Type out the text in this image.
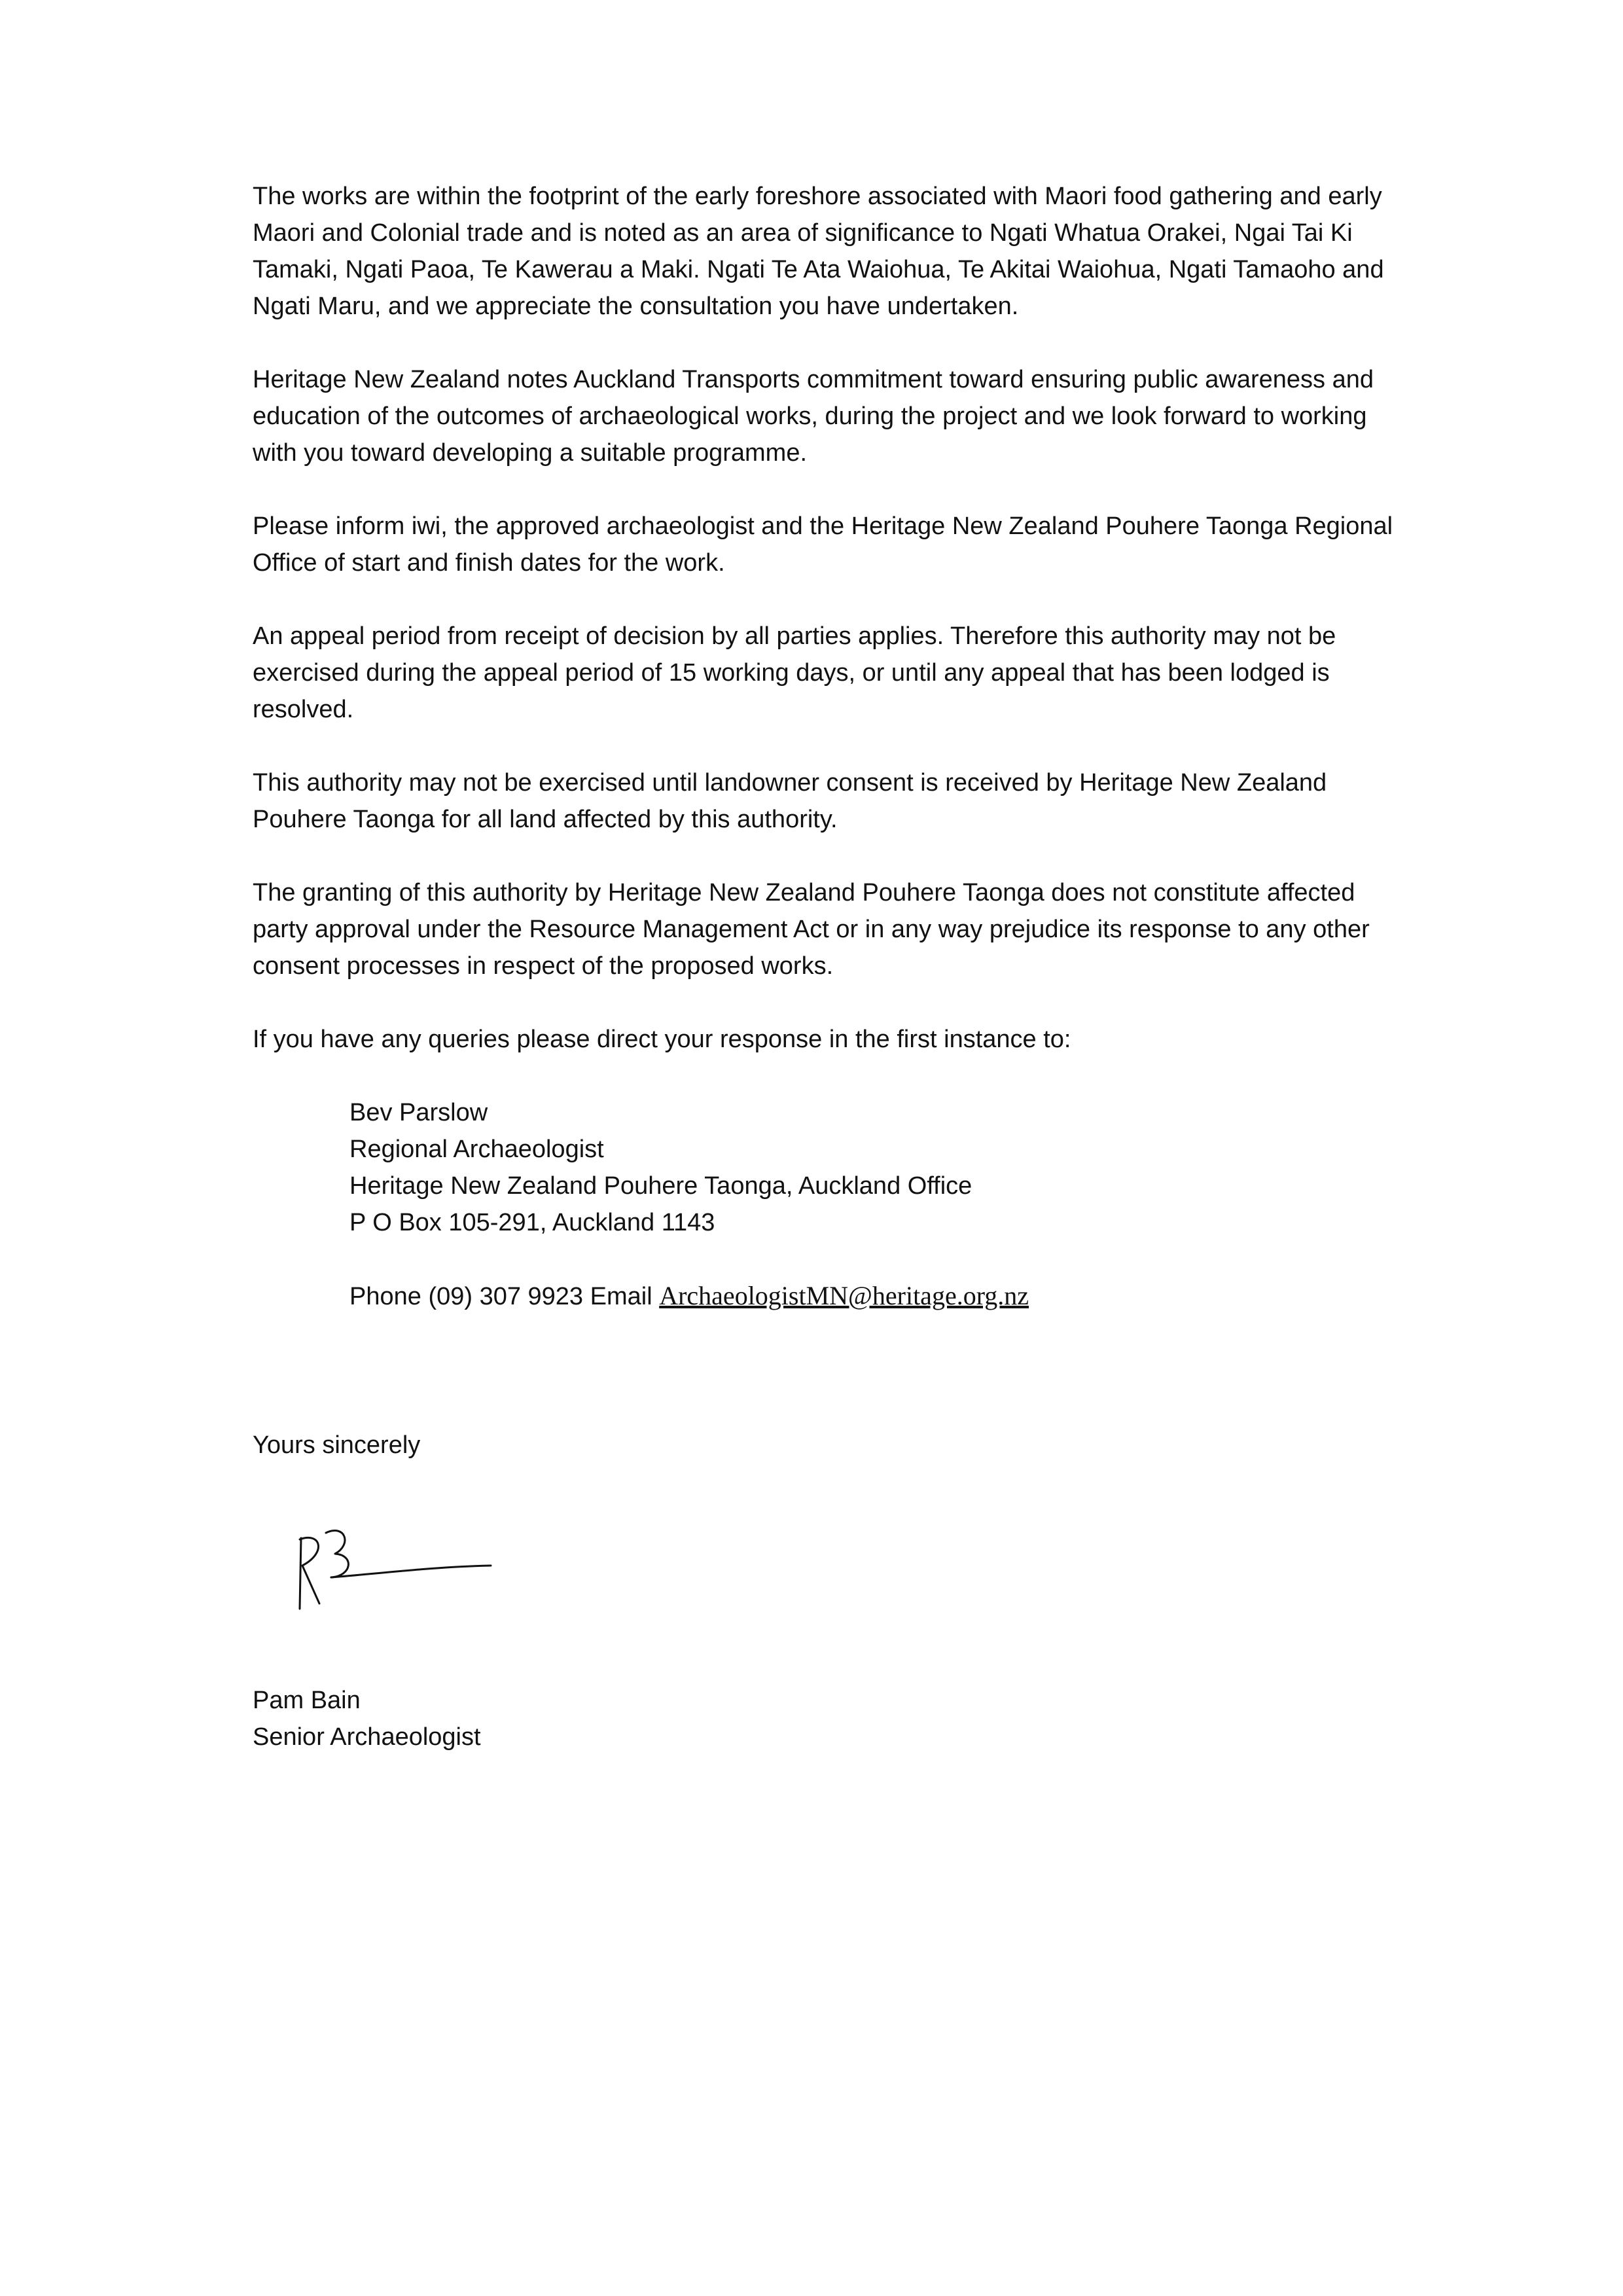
The works are within the footprint of the early foreshore associated with Maori food gathering and early Maori and Colonial trade and is noted as an area of significance to Ngati Whatua Orakei, Ngai Tai Ki Tamaki, Ngati Paoa, Te Kawerau a Maki. Ngati Te Ata Waiohua, Te Akitai Waiohua, Ngati Tamaoho and Ngati Maru, and we appreciate the consultation you have undertaken.

Heritage New Zealand notes Auckland Transports commitment toward ensuring public awareness and education of the outcomes of archaeological works, during the project and we look forward to working with you toward developing a suitable programme.

Please inform iwi, the approved archaeologist and the Heritage New Zealand Pouhere Taonga Regional Office of start and finish dates for the work.

An appeal period from receipt of decision by all parties applies. Therefore this authority may not be exercised during the appeal period of 15 working days, or until any appeal that has been lodged is resolved.

This authority may not be exercised until landowner consent is received by Heritage New Zealand Pouhere Taonga for all land affected by this authority.

The granting of this authority by Heritage New Zealand Pouhere Taonga does not constitute affected party approval under the Resource Management Act or in any way prejudice its response to any other consent processes in respect of the proposed works.

If you have any queries please direct your response in the first instance to:

Bev Parslow
Regional Archaeologist
Heritage New Zealand Pouhere Taonga, Auckland Office
P O Box 105-291, Auckland 1143
Phone (09) 307 9923 Email ArchaeologistMN@heritage.org.nz
Yours sincerely
Pam Bain
Senior Archaeologist
